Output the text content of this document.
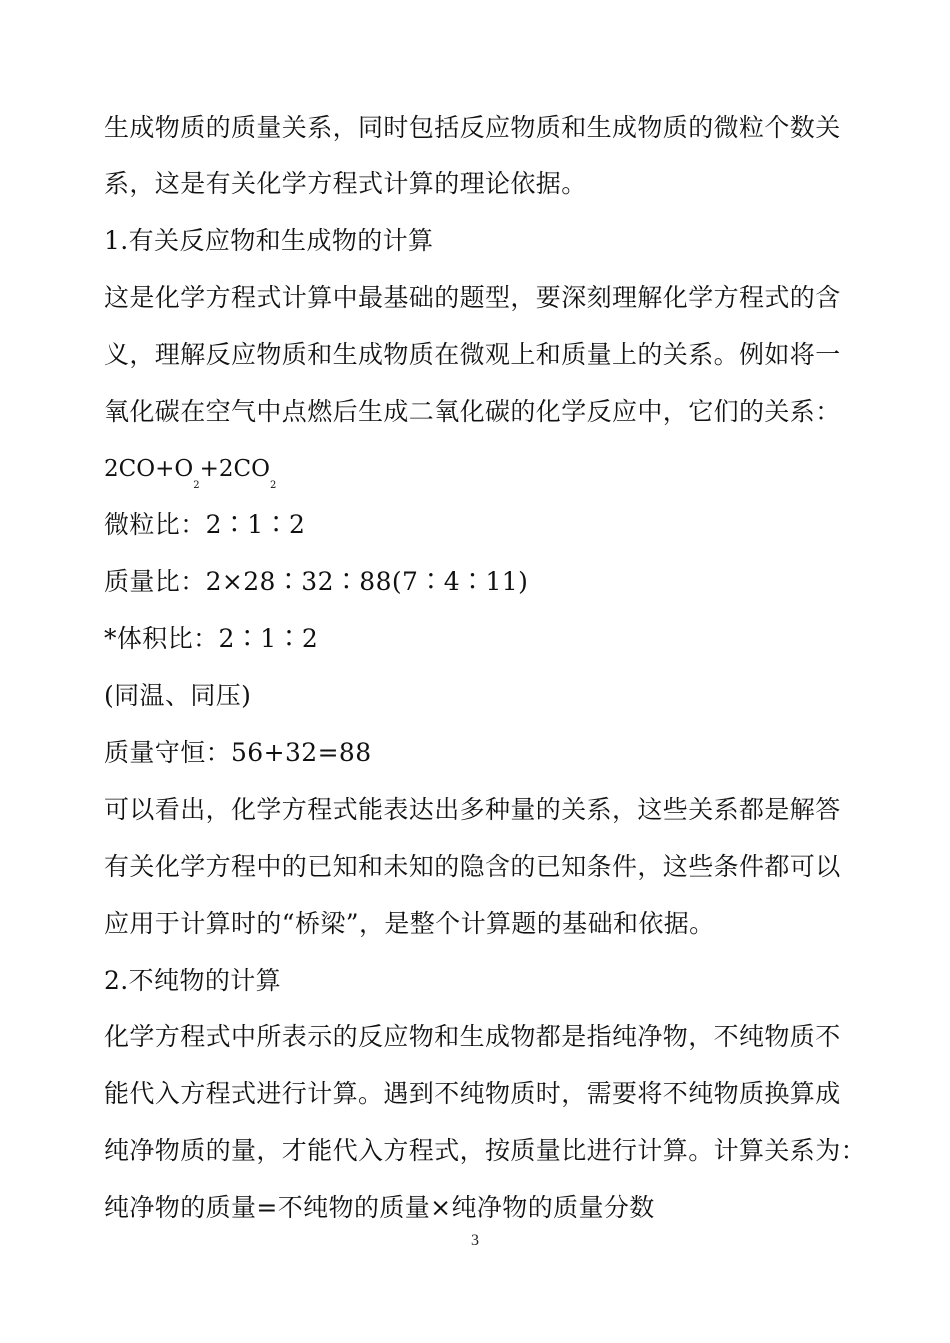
生成物质的质量关系，同时包括反应物质和生成物质的微粒个数关
系，这是有关化学方程式计算的理论依据。
1.有关反应物和生成物的计算
这是化学方程式计算中最基础的题型，要深刻理解化学方程式的含
义，理解反应物质和生成物质在微观上和质量上的关系。例如将一
氧化碳在空气中点燃后生成二氧化碳的化学反应中，它们的关系：
$2CO+O_2+2CO_2$
微粒比：2∶1∶2
质量比：2×28∶32∶88(7∶4∶11)
*体积比：2∶1∶2
(同温、同压)
质量守恒：56+32=88
可以看出，化学方程式能表达出多种量的关系，这些关系都是解答
有关化学方程中的已知和未知的隐含的已知条件，这些条件都可以
应用于计算时的“桥梁”，是整个计算题的基础和依据。
2.不纯物的计算
化学方程式中所表示的反应物和生成物都是指纯净物，不纯物质不
能代入方程式进行计算。遇到不纯物质时，需要将不纯物质换算成
纯净物质的量，才能代入方程式，按质量比进行计算。计算关系为：
纯净物的质量=不纯物的质量×纯净物的质量分数
3
